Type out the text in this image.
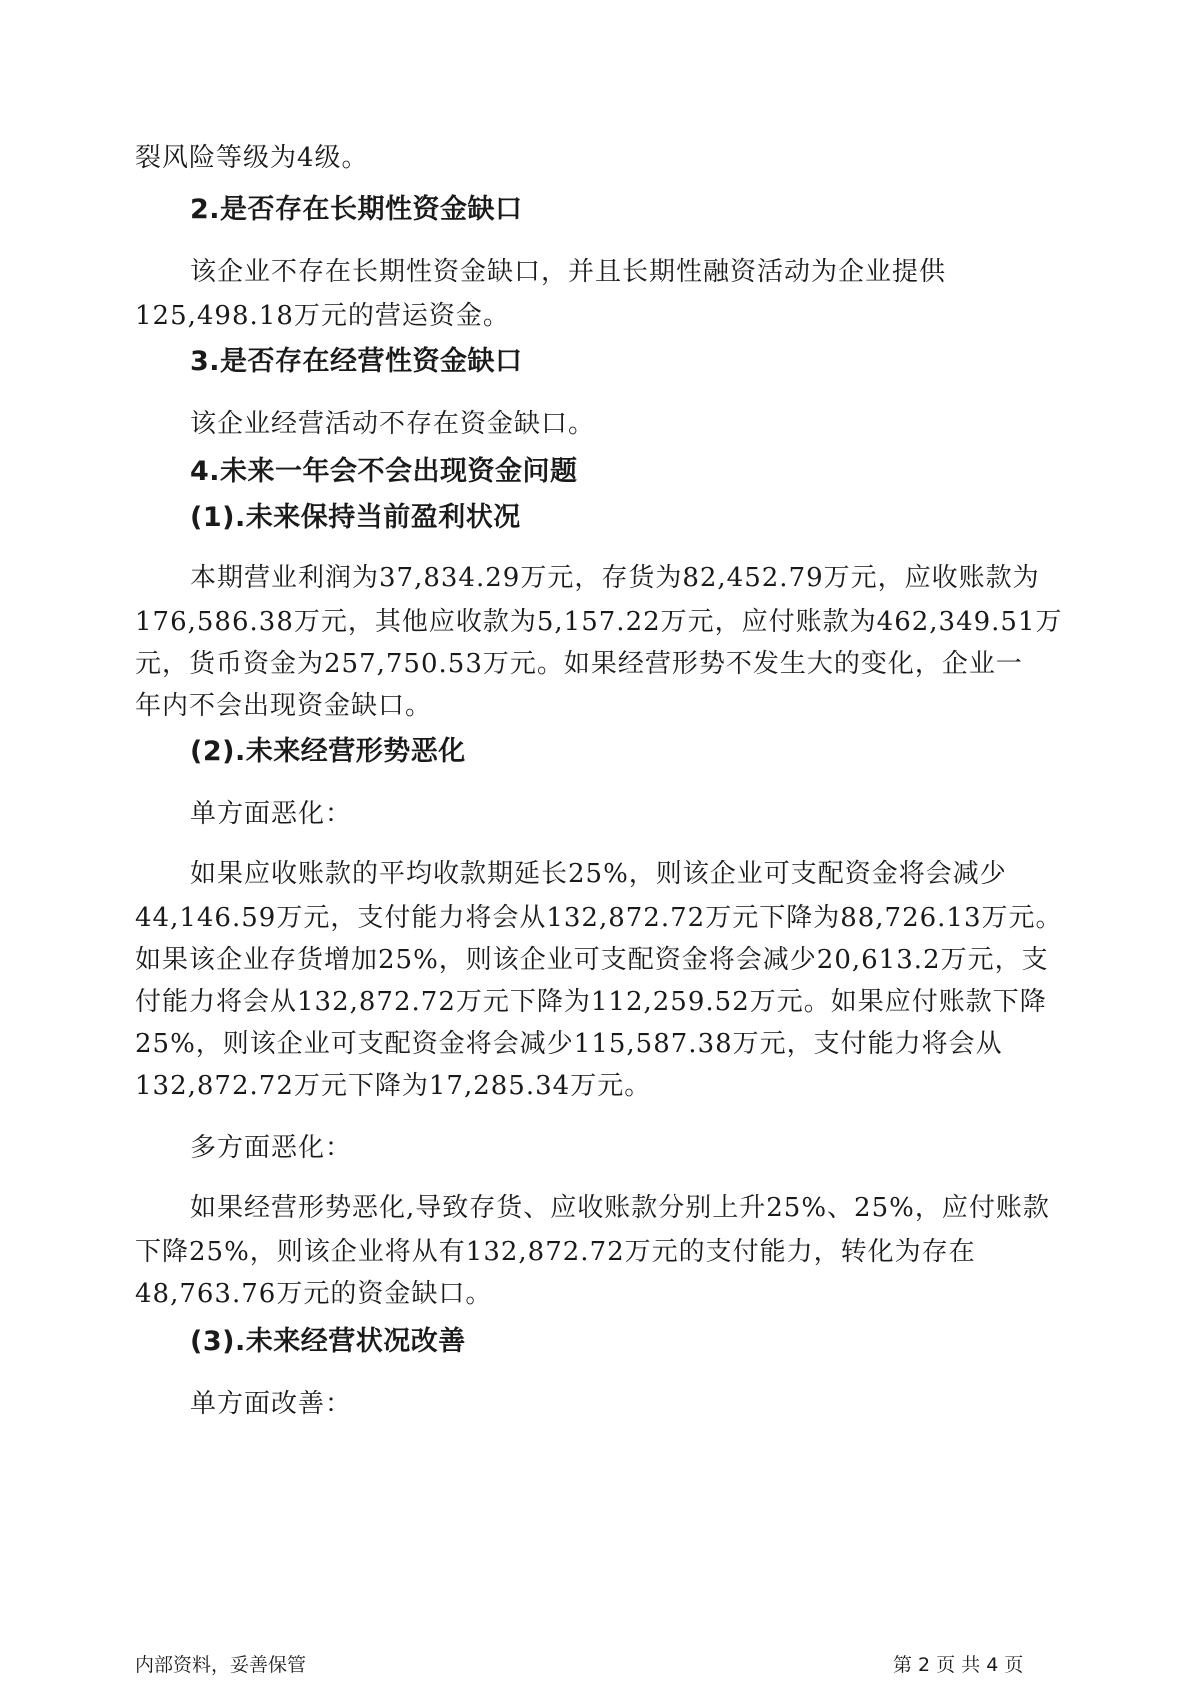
裂风险等级为4级。
2.是否存在长期性资金缺口
该企业不存在长期性资金缺口，并且长期性融资活动为企业提供
125,498.18万元的营运资金。
3.是否存在经营性资金缺口
该企业经营活动不存在资金缺口。
4.未来一年会不会出现资金问题
(1).未来保持当前盈利状况
本期营业利润为37,834.29万元，存货为82,452.79万元，应收账款为
176,586.38万元，其他应收款为5,157.22万元，应付账款为462,349.51万
元，货币资金为257,750.53万元。如果经营形势不发生大的变化，企业一
年内不会出现资金缺口。
(2).未来经营形势恶化
单方面恶化：
如果应收账款的平均收款期延长25%，则该企业可支配资金将会减少
44,146.59万元，支付能力将会从132,872.72万元下降为88,726.13万元。
如果该企业存货增加25%，则该企业可支配资金将会减少20,613.2万元，支
付能力将会从132,872.72万元下降为112,259.52万元。如果应付账款下降
25%，则该企业可支配资金将会减少115,587.38万元，支付能力将会从
132,872.72万元下降为17,285.34万元。
多方面恶化：
如果经营形势恶化,导致存货、应收账款分别上升25%、25%，应付账款
下降25%，则该企业将从有132,872.72万元的支付能力，转化为存在
48,763.76万元的资金缺口。
(3).未来经营状况改善
单方面改善：
内部资料，妥善保管	第 2 页 共 4 页
